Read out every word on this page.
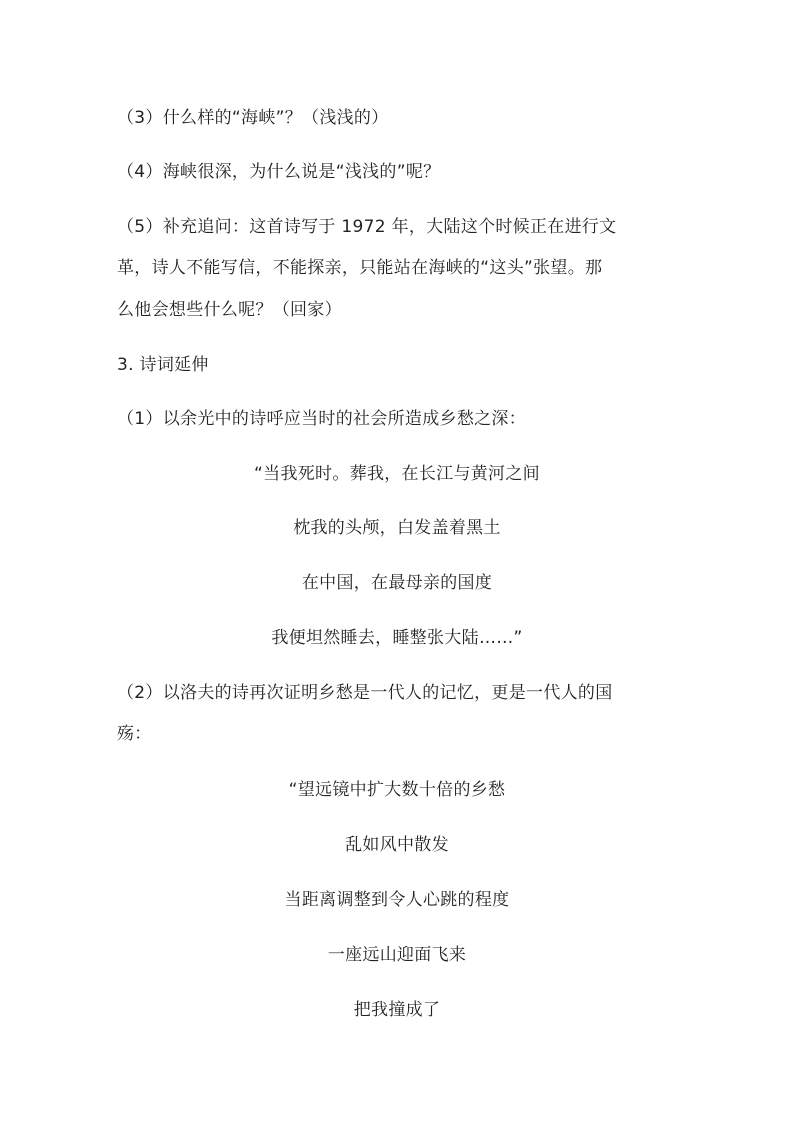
（3）什么样的“海峡”？（浅浅的）
（4）海峡很深，为什么说是“浅浅的”呢？
（5）补充追问：这首诗写于 1972 年，大陆这个时候正在进行文
革，诗人不能写信，不能探亲，只能站在海峡的“这头”张望。那
么他会想些什么呢？（回家）
3. 诗词延伸
（1）以余光中的诗呼应当时的社会所造成乡愁之深：
“当我死时。葬我，在长江与黄河之间
枕我的头颅，白发盖着黑土
在中国，在最母亲的国度
我便坦然睡去，睡整张大陆……”
（2）以洛夫的诗再次证明乡愁是一代人的记忆，更是一代人的国
殇：
“望远镜中扩大数十倍的乡愁
乱如风中散发
当距离调整到令人心跳的程度
一座远山迎面飞来
把我撞成了
